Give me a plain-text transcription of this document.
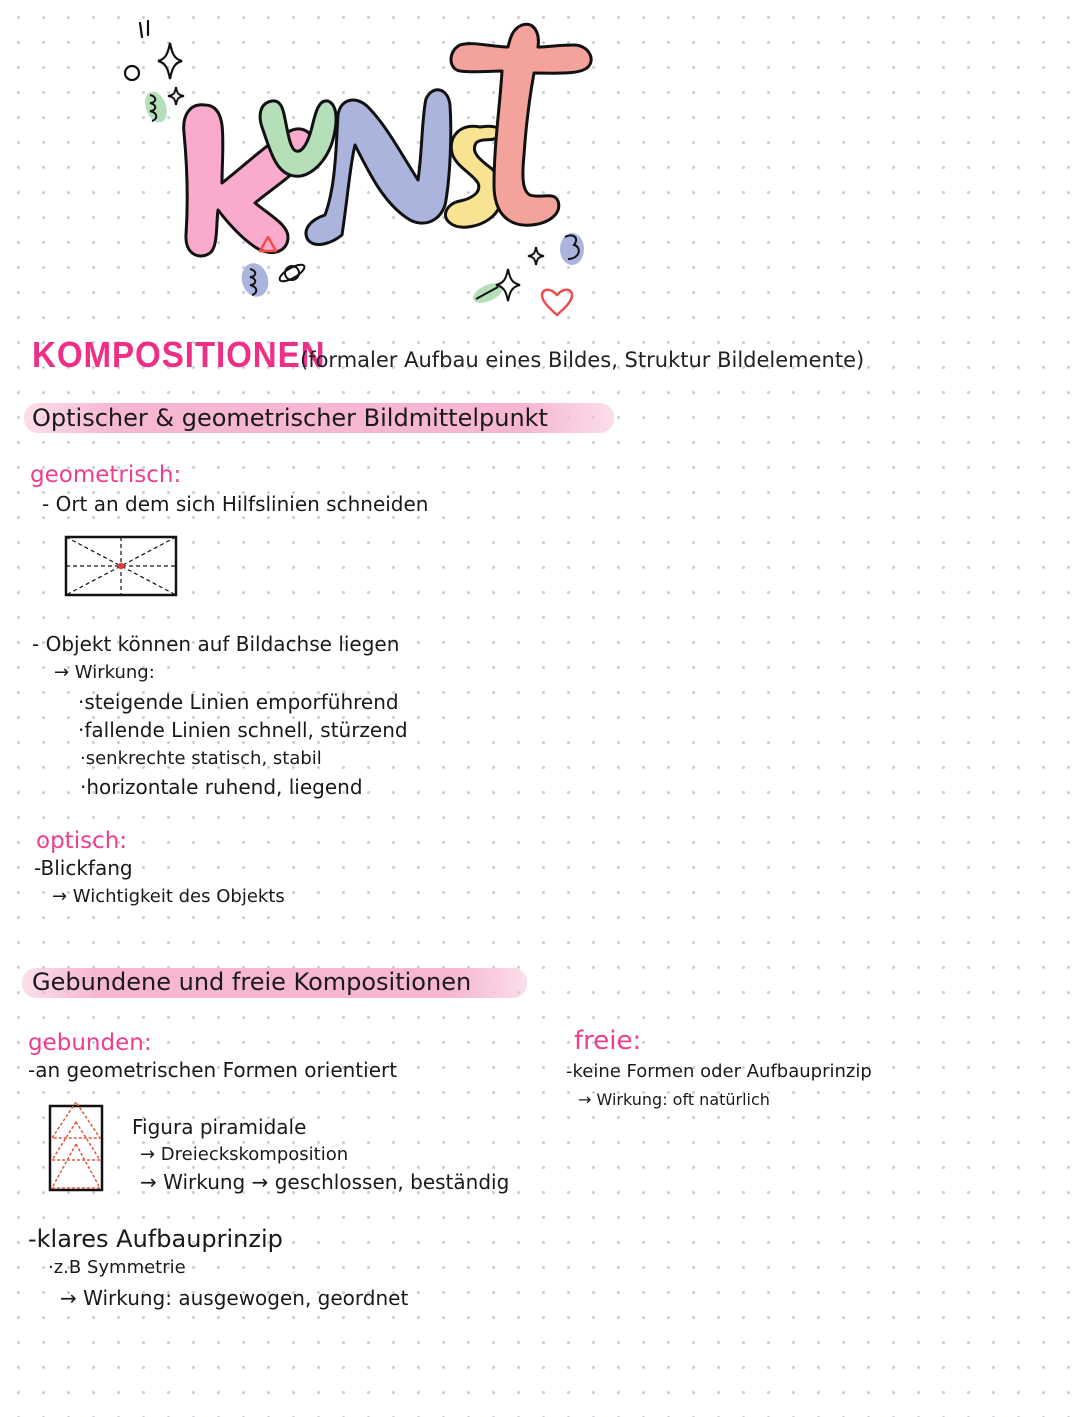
KOMPOSITIONEN
(formaler Aufbau eines Bildes, Struktur Bildelemente)
Optischer & geometrischer Bildmittelpunkt
geometrisch:
- Ort an dem sich Hilfslinien schneiden
- Objekt können auf Bildachse liegen
→ Wirkung:
·steigende Linien emporführend
·fallende Linien schnell, stürzend
·senkrechte statisch, stabil
·horizontale ruhend, liegend
optisch:
-Blickfang
→ Wichtigkeit des Objekts
Gebundene und freie Kompositionen
gebunden:
-an geometrischen Formen orientiert
Figura piramidale
→ Dreieckskomposition
→ Wirkung → geschlossen, beständig
-klares Aufbauprinzip
·z.B Symmetrie
→ Wirkung: ausgewogen, geordnet
freie:
-keine Formen oder Aufbauprinzip
→ Wirkung: oft natürlich
